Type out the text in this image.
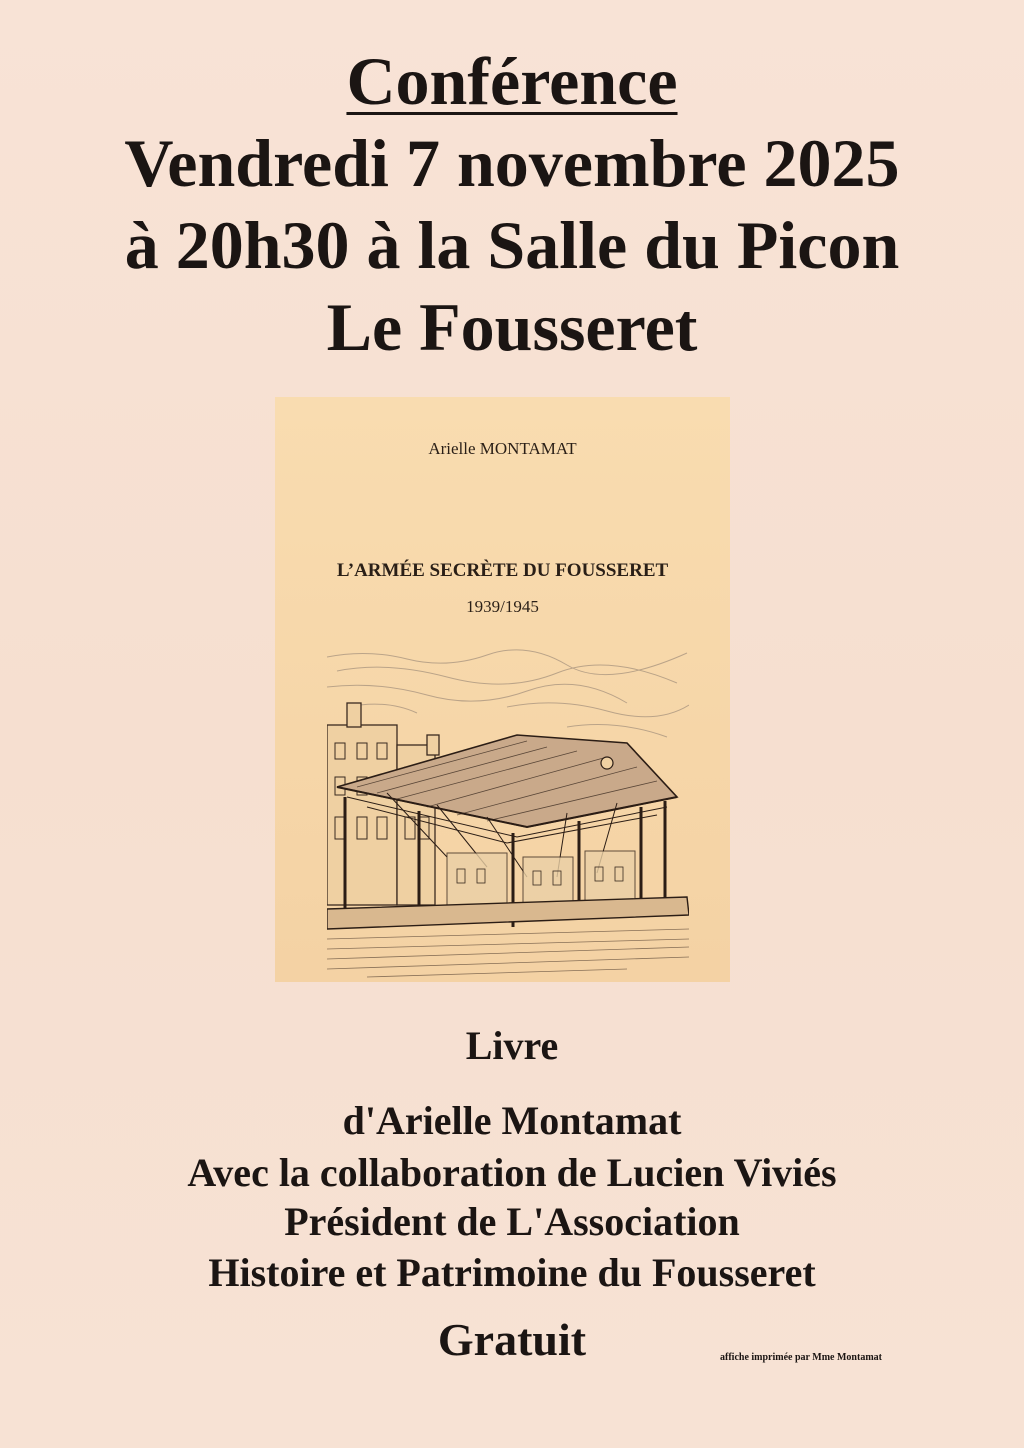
Conférence
Vendredi 7 novembre 2025
à 20h30 à la Salle du Picon
Le Fousseret
Arielle MONTAMAT
L’ARMÉE SECRÈTE DU FOUSSERET
1939/1945
Livre
d'Arielle Montamat
Avec la collaboration de Lucien Viviés
Président de L'Association
Histoire et Patrimoine du Fousseret
Gratuit	affiche imprimée par Mme Montamat
